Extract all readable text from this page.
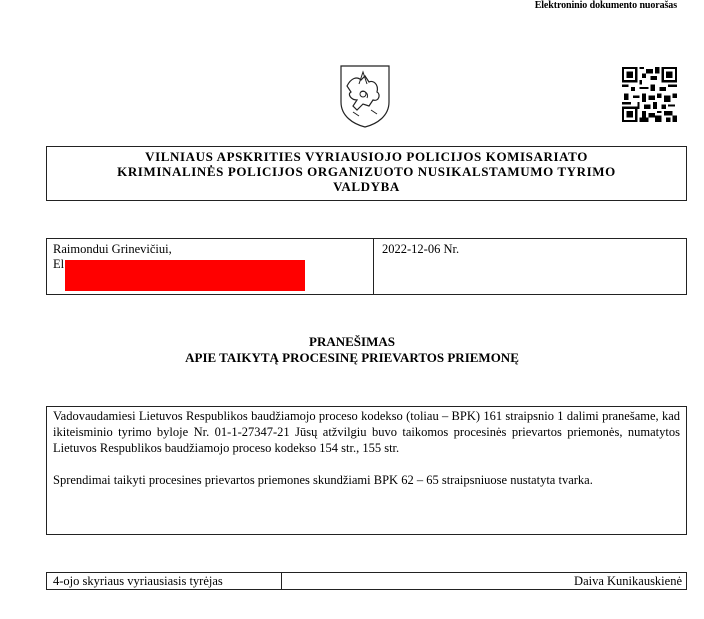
Elektroninio dokumento nuorašas
VILNIAUS APSKRITIES VYRIAUSIOJO POLICIJOS KOMISARIATO
KRIMINALINĖS POLICIJOS ORGANIZUOTO NUSIKALSTAMUMO TYRIMO
VALDYBA
Raimondui Grinevičiui,
El
2022-12-06 Nr.
PRANEŠIMAS
APIE TAIKYTĄ PROCESINĘ PRIEVARTOS PRIEMONĘ

Vadovaudamiesi Lietuvos Respublikos baudžiamojo proceso kodekso (toliau – BPK) 161 straipsnio 1 dalimi pranešame, kad ikiteisminio tyrimo byloje Nr. 01-1-27347-21 Jūsų atžvilgiu buvo taikomos procesinės prievartos priemonės, numatytos Lietuvos Respublikos baudžiamojo proceso kodekso 154 str., 155 str.

Sprendimai taikyti procesines prievartos priemones skundžiami BPK 62 – 65 straipsniuose nustatyta tvarka.

4-ojo skyriaus vyriausiasis tyrėjas	Daiva Kunikauskienė
